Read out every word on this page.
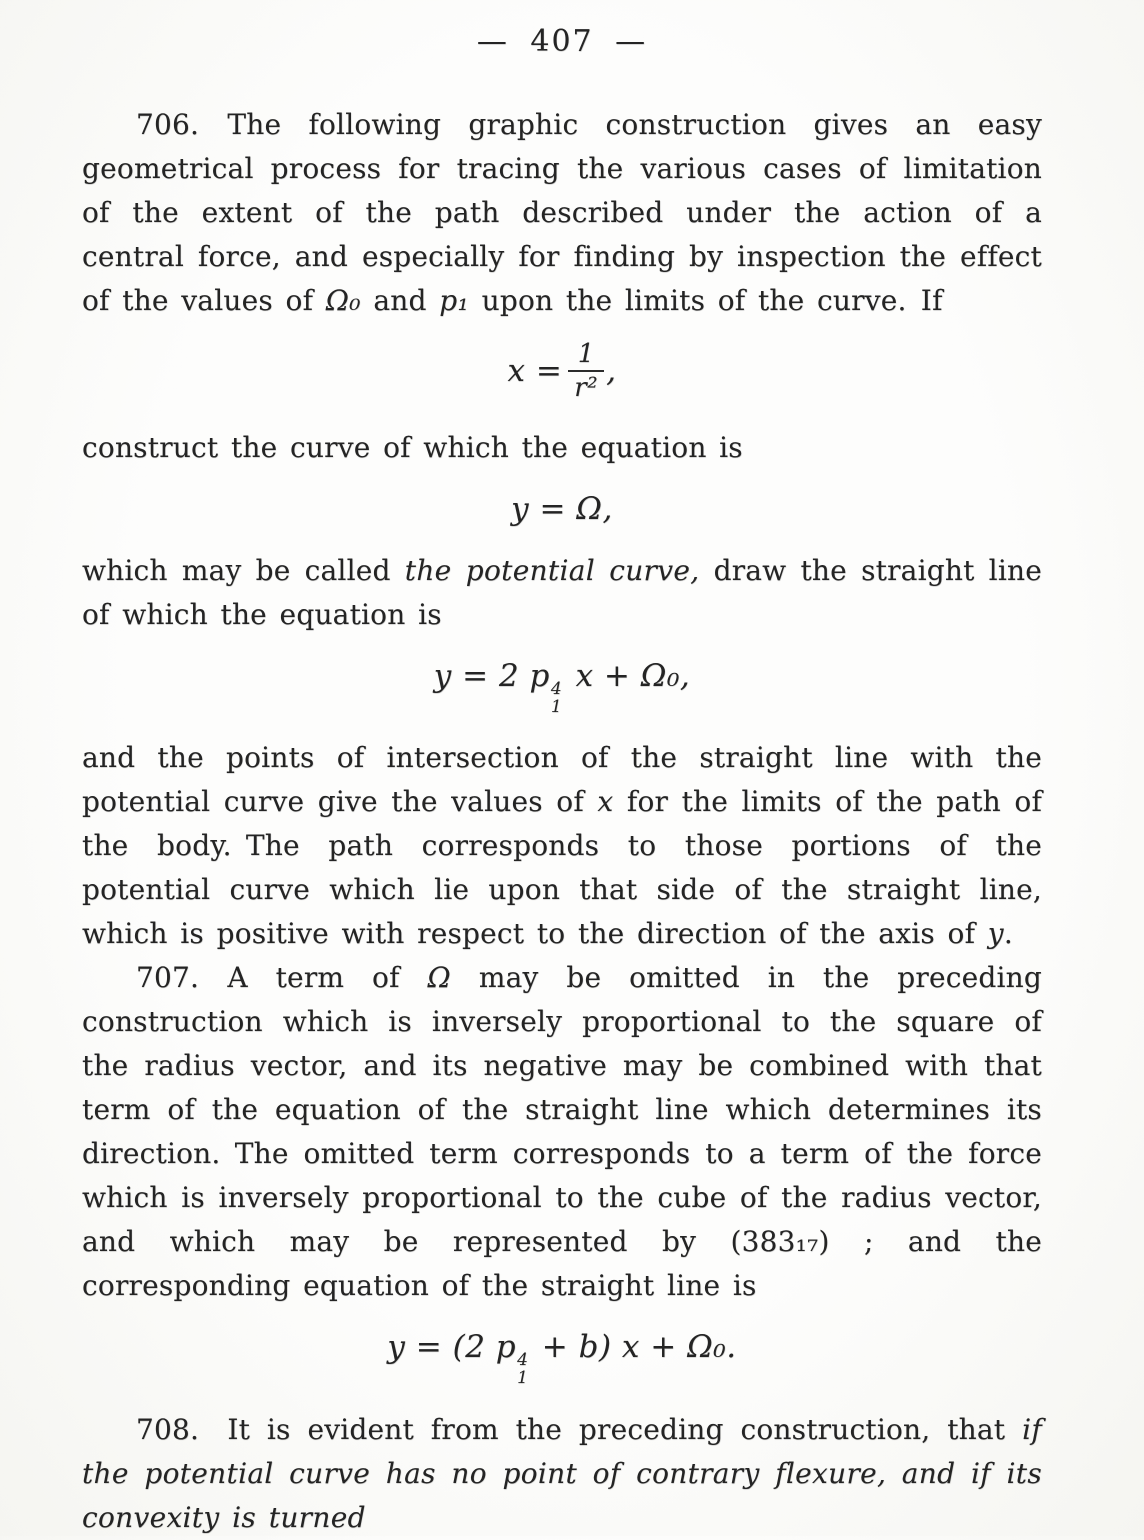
— 407 —

706. The following graphic construction gives an easy geometrical process for tracing the various cases of limitation of the extent of the path described under the action of a central force, and especially for finding by inspection the effect of the values of Ω₀ and p₁ upon the limits of the curve. If

$x = \frac{1}{\text{r²}}$ ,

construct the curve of which the equation is

y = Ω,

which may be called the potential curve, draw the straight line of which the equation is

y = 2 p 4
1
x + Ω₀,

and the points of intersection of the straight line with the potential curve give the values of x for the limits of the path of the body. The path corresponds to those portions of the potential curve which lie upon that side of the straight line, which is positive with respect to the direction of the axis of y.

707. A term of Ω may be omitted in the preceding construction which is inversely proportional to the square of the radius vector, and its negative may be combined with that term of the equation of the straight line which determines its direction. The omitted term corresponds to a term of the force which is inversely proportional to the cube of the radius vector, and which may be represented by (383₁₇) ; and the corresponding equation of the straight line is

y = (2 p 4
1
+ b) x + Ω₀.

708. It is evident from the preceding construction, that if the potential curve has no point of contrary flexure, and if its convexity is turned
